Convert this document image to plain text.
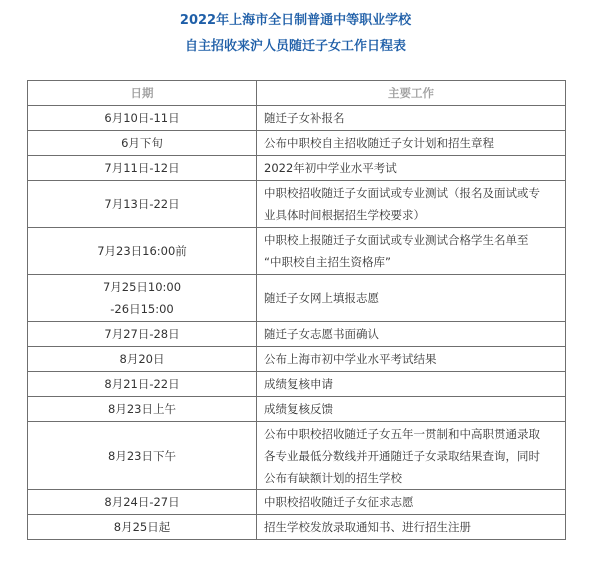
2022年上海市全日制普通中等职业学校
自主招收来沪人员随迁子女工作日程表
日期	主要工作

6月10日-11日	随迁子女补报名

6月下旬	公布中职校自主招收随迁子女计划和招生章程

7月11日-12日	2022年初中学业水平考试

7月13日-22日	中职校招收随迁子女面试或专业测试（报名及面试或专
业具体时间根据招生学校要求）

7月23日16:00前	中职校上报随迁子女面试或专业测试合格学生名单至
“中职校自主招生资格库”

7月25日10:00
-26日15:00	随迁子女网上填报志愿

7月27日-28日	随迁子女志愿书面确认

8月20日	公布上海市初中学业水平考试结果

8月21日-22日	成绩复核申请

8月23日上午	成绩复核反馈

8月23日下午	公布中职校招收随迁子女五年一贯制和中高职贯通录取
各专业最低分数线并开通随迁子女录取结果查询，同时
公布有缺额计划的招生学校

8月24日-27日	中职校招收随迁子女征求志愿

8月25日起	招生学校发放录取通知书、进行招生注册
